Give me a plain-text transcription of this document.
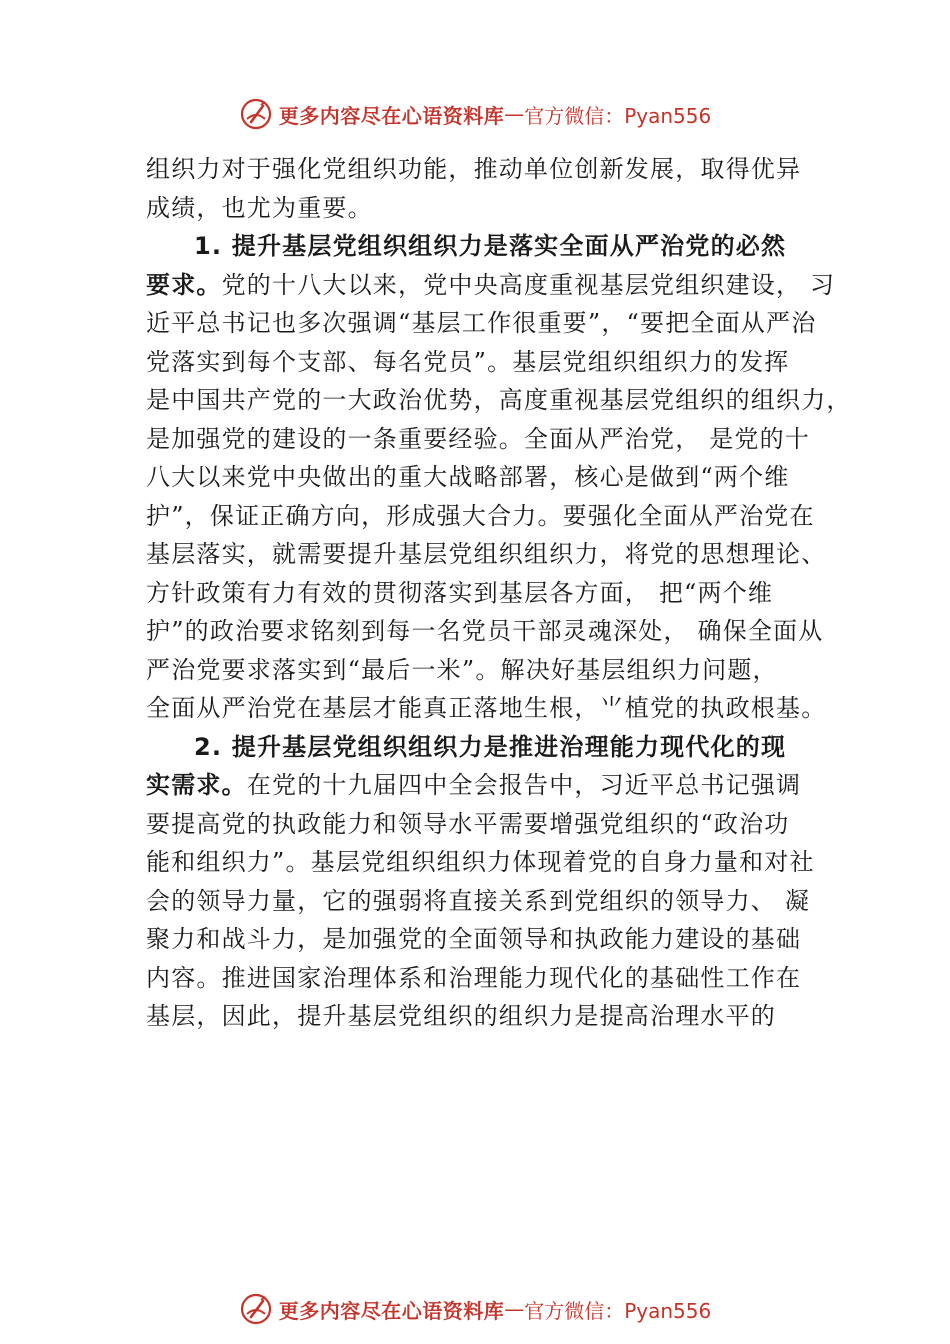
更多内容尽在心语资料库 — 官方微信：Pyan556
组织力对于强化党组织功能，推动单位创新发展，取得优异
成绩，也尤为重要。
1. 提升基层党组织组织力是落实全面从严治党的必然
要求。党的十八大以来，党中央高度重视基层党组织建设， 习
近平总书记也多次强调“基层工作很重要”，“要把全面从严治
党落实到每个支部、每名党员”。基层党组织组织力的发挥
是中国共产党的一大政治优势，高度重视基层党组织的组织力，
是加强党的建设的一条重要经验。全面从严治党， 是党的十
八大以来党中央做出的重大战略部署，核心是做到“两个维
护”，保证正确方向，形成强大合力。要强化全面从严治党在
基层落实，就需要提升基层党组织组织力，将党的思想理论、
方针政策有力有效的贯彻落实到基层各方面， 把“两个维
护”的政治要求铭刻到每一名党员干部灵魂深处， 确保全面从
严治党要求落实到“最后一米”。解决好基层组织力问题，
全面从严治党在基层才能真正落地生根，⺌植党的执政根基。
2. 提升基层党组织组织力是推进治理能力现代化的现
实需求。在党的十九届四中全会报告中，习近平总书记强调
要提高党的执政能力和领导水平需要增强党组织的“政治功
能和组织力”。基层党组织组织力体现着党的自身力量和对社
会的领导力量，它的强弱将直接关系到党组织的领导力、 凝
聚力和战斗力，是加强党的全面领导和执政能力建设的基础
内容。推进国家治理体系和治理能力现代化的基础性工作在
基层，因此，提升基层党组织的组织力是提高治理水平的
更多内容尽在心语资料库 — 官方微信：Pyan556
